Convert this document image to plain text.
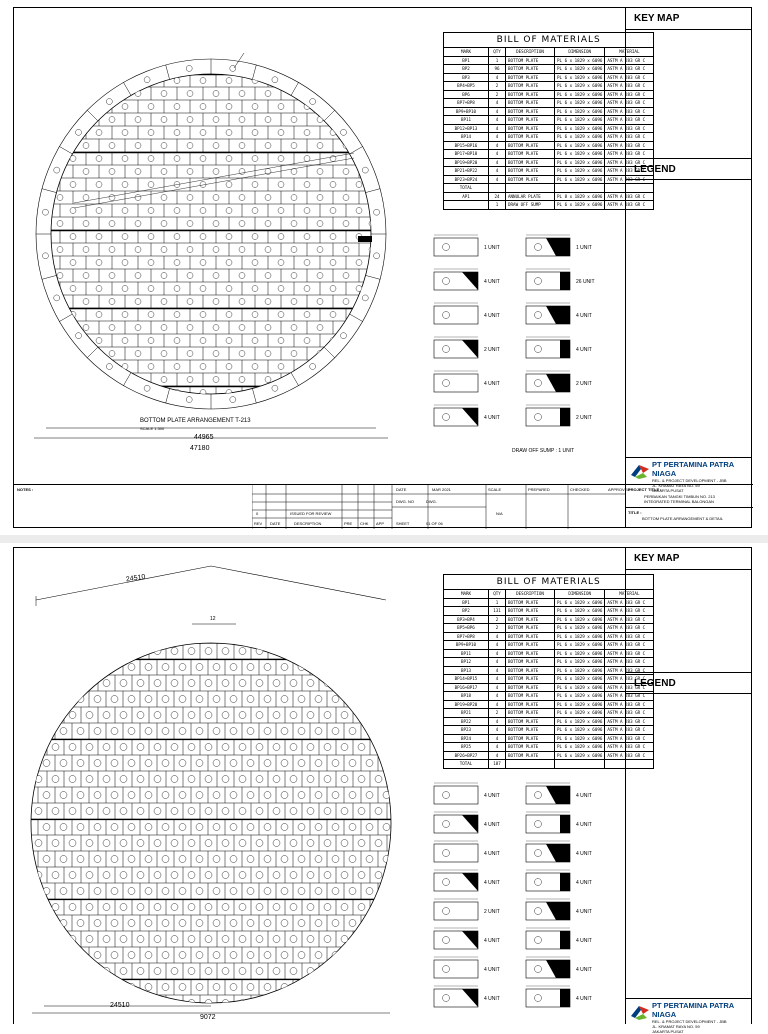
44965
47180
BOTTOM PLATE ARRANGEMENT T-213
SCALE 1:300
BILL OF MATERIALS
MARK	QTY	DESCRIPTION	DIMENSION	MATERIAL
BP1	1	BOTTOM PLATE	PL 6 x 1829 x 6096	ASTM A 283 GR C
BP2	96	BOTTOM PLATE	PL 6 x 1829 x 6096	ASTM A 283 GR C
BP3	4	BOTTOM PLATE	PL 6 x 1829 x 6096	ASTM A 283 GR C
BP4+BP5	2	BOTTOM PLATE	PL 6 x 1829 x 6096	ASTM A 283 GR C
BP6	2	BOTTOM PLATE	PL 6 x 1829 x 6096	ASTM A 283 GR C
BP7+BP8	4	BOTTOM PLATE	PL 6 x 1829 x 6096	ASTM A 283 GR C
BP9+BP10	4	BOTTOM PLATE	PL 6 x 1829 x 6096	ASTM A 283 GR C
BP11	4	BOTTOM PLATE	PL 6 x 1829 x 6096	ASTM A 283 GR C
BP12+BP13	4	BOTTOM PLATE	PL 6 x 1829 x 6096	ASTM A 283 GR C
BP14	4	BOTTOM PLATE	PL 6 x 1829 x 6096	ASTM A 283 GR C
BP15+BP16	4	BOTTOM PLATE	PL 6 x 1829 x 6096	ASTM A 283 GR C
BP17+BP18	4	BOTTOM PLATE	PL 6 x 1829 x 6096	ASTM A 283 GR C
BP19+BP20	4	BOTTOM PLATE	PL 6 x 1829 x 6096	ASTM A 283 GR C
BP21+BP22	4	BOTTOM PLATE	PL 6 x 1829 x 6096	ASTM A 283 GR C
BP23+BP24	4	BOTTOM PLATE	PL 6 x 1829 x 6096	ASTM A 283 GR C
TOTAL				
AP1	24	ANNULAR PLATE	PL 8 x 1829 x 6096	ASTM A 283 GR C
	1	DRAW OFF SUMP	PL 6 x 1829 x 6096	ASTM A 283 GR C
1 UNIT	1 UNIT
4 UNIT	26 UNIT
4 UNIT	4 UNIT
2 UNIT	4 UNIT
4 UNIT	2 UNIT
4 UNIT	2 UNIT
DRAW OFF SUMP : 1 UNIT
KEY MAP
LEGEND
PT PERTAMINA PATRA NIAGA
REL. & PROJECT DEVELOPMENT - JBB
JL. KRAMAT RAYA NO. 59
JAKARTA PUSAT
NOTES :
0	ISSUED FOR REVIEW
REV DATE	DESCRIPTION	PRE CHK APP
DATE	MAR 2021	SCALE
N/A
PREPARED	CHECKED	APPROVED
DWG. NO	DWG.
SHEET	01 OF 06
PROJECT TITLE :
PERBAIKAN TANGKI TIMBUN NO. 213
INTEGRATED TERMINAL BALONGAN
TITLE :
BOTTOM PLATE ARRANGEMENT & DETAIL
24510
24510
9072
12
BILL OF MATERIALS
MARK	QTY	DESCRIPTION	DIMENSION	MATERIAL
BP1	1	BOTTOM PLATE	PL 6 x 1829 x 6096	ASTM A 283 GR C
BP2	131	BOTTOM PLATE	PL 6 x 1829 x 6096	ASTM A 283 GR C
BP3+BP4	2	BOTTOM PLATE	PL 6 x 1829 x 6096	ASTM A 283 GR C
BP5+BP6	2	BOTTOM PLATE	PL 6 x 1829 x 6096	ASTM A 283 GR C
BP7+BP8	4	BOTTOM PLATE	PL 6 x 1829 x 6096	ASTM A 283 GR C
BP9+BP10	4	BOTTOM PLATE	PL 6 x 1829 x 6096	ASTM A 283 GR C
BP11	4	BOTTOM PLATE	PL 6 x 1829 x 6096	ASTM A 283 GR C
BP12	4	BOTTOM PLATE	PL 6 x 1829 x 6096	ASTM A 283 GR C
BP13	4	BOTTOM PLATE	PL 6 x 1829 x 6096	ASTM A 283 GR C
BP14+BP15	4	BOTTOM PLATE	PL 6 x 1829 x 6096	ASTM A 283 GR C
BP16+BP17	4	BOTTOM PLATE	PL 6 x 1829 x 6096	ASTM A 283 GR C
BP18	4	BOTTOM PLATE	PL 6 x 1829 x 6096	ASTM A 283 GR C
BP19+BP20	4	BOTTOM PLATE	PL 6 x 1829 x 6096	ASTM A 283 GR C
BP21	2	BOTTOM PLATE	PL 6 x 1829 x 6096	ASTM A 283 GR C
BP22	4	BOTTOM PLATE	PL 6 x 1829 x 6096	ASTM A 283 GR C
BP23	4	BOTTOM PLATE	PL 6 x 1829 x 6096	ASTM A 283 GR C
BP24	4	BOTTOM PLATE	PL 6 x 1829 x 6096	ASTM A 283 GR C
BP25	4	BOTTOM PLATE	PL 6 x 1829 x 6096	ASTM A 283 GR C
BP26+BP27	4	BOTTOM PLATE	PL 6 x 1829 x 6096	ASTM A 283 GR C
TOTAL	187			
4 UNIT	4 UNIT
4 UNIT	4 UNIT
4 UNIT	4 UNIT
4 UNIT	4 UNIT
2 UNIT	4 UNIT
4 UNIT	4 UNIT
4 UNIT	4 UNIT
4 UNIT	4 UNIT
KEY MAP
LEGEND
PT PERTAMINA PATRA NIAGA
REL. & PROJECT DEVELOPMENT - JBB
JL. KRAMAT RAYA NO. 59
JAKARTA PUSAT
